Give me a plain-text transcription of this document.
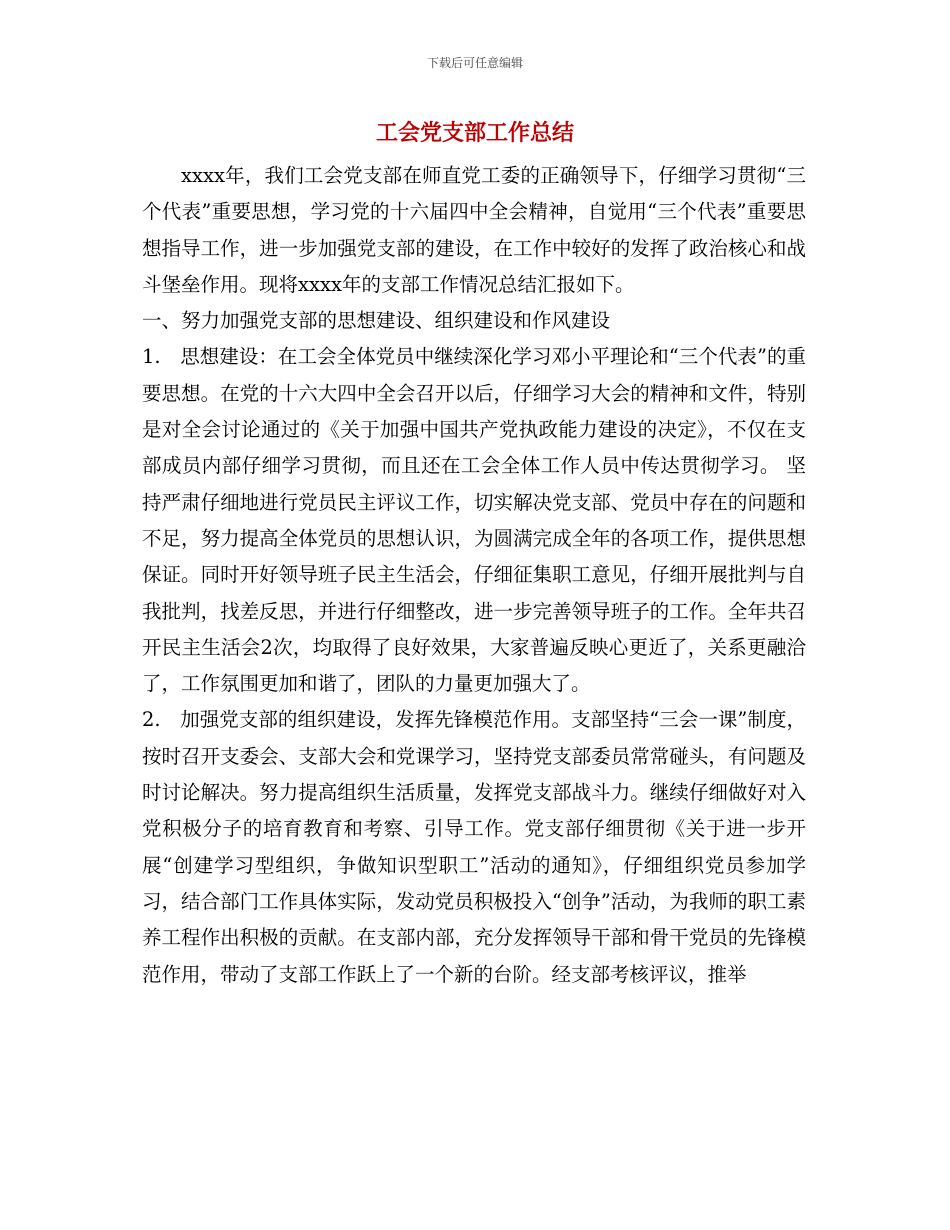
下载后可任意编辑
工会党支部工作总结

xxxx年，我们工会党支部在师直党工委的正确领导下，仔细学习贯彻“三个代表”重要思想，学习党的十六届四中全会精神，自觉用“三个代表”重要思想指导工作，进一步加强党支部的建设，在工作中较好的发挥了政治核心和战斗堡垒作用。现将xxxx年的支部工作情况总结汇报如下。

一、努力加强党支部的思想建设、组织建设和作风建设

1.　思想建设：在工会全体党员中继续深化学习邓小平理论和“三个代表”的重要思想。在党的十六大四中全会召开以后，仔细学习大会的精神和文件，特别是对全会讨论通过的《关于加强中国共产党执政能力建设的决定》，不仅在支部成员内部仔细学习贯彻，而且还在工会全体工作人员中传达贯彻学习。 坚持严肃仔细地进行党员民主评议工作，切实解决党支部、党员中存在的问题和不足，努力提高全体党员的思想认识，为圆满完成全年的各项工作，提供思想保证。同时开好领导班子民主生活会，仔细征集职工意见，仔细开展批判与自我批判，找差反思，并进行仔细整改，进一步完善领导班子的工作。全年共召开民主生活会2次，均取得了良好效果，大家普遍反映心更近了，关系更融洽了，工作氛围更加和谐了，团队的力量更加强大了。

2.　加强党支部的组织建设，发挥先锋模范作用。支部坚持“三会一课”制度，按时召开支委会、支部大会和党课学习，坚持党支部委员常常碰头，有问题及时讨论解决。努力提高组织生活质量，发挥党支部战斗力。继续仔细做好对入党积极分子的培育教育和考察、引导工作。党支部仔细贯彻《关于进一步开展“创建学习型组织，争做知识型职工”活动的通知》，仔细组织党员参加学习，结合部门工作具体实际，发动党员积极投入“创争”活动，为我师的职工素养工程作出积极的贡献。在支部内部，充分发挥领导干部和骨干党员的先锋模范作用，带动了支部工作跃上了一个新的台阶。经支部考核评议，推举
